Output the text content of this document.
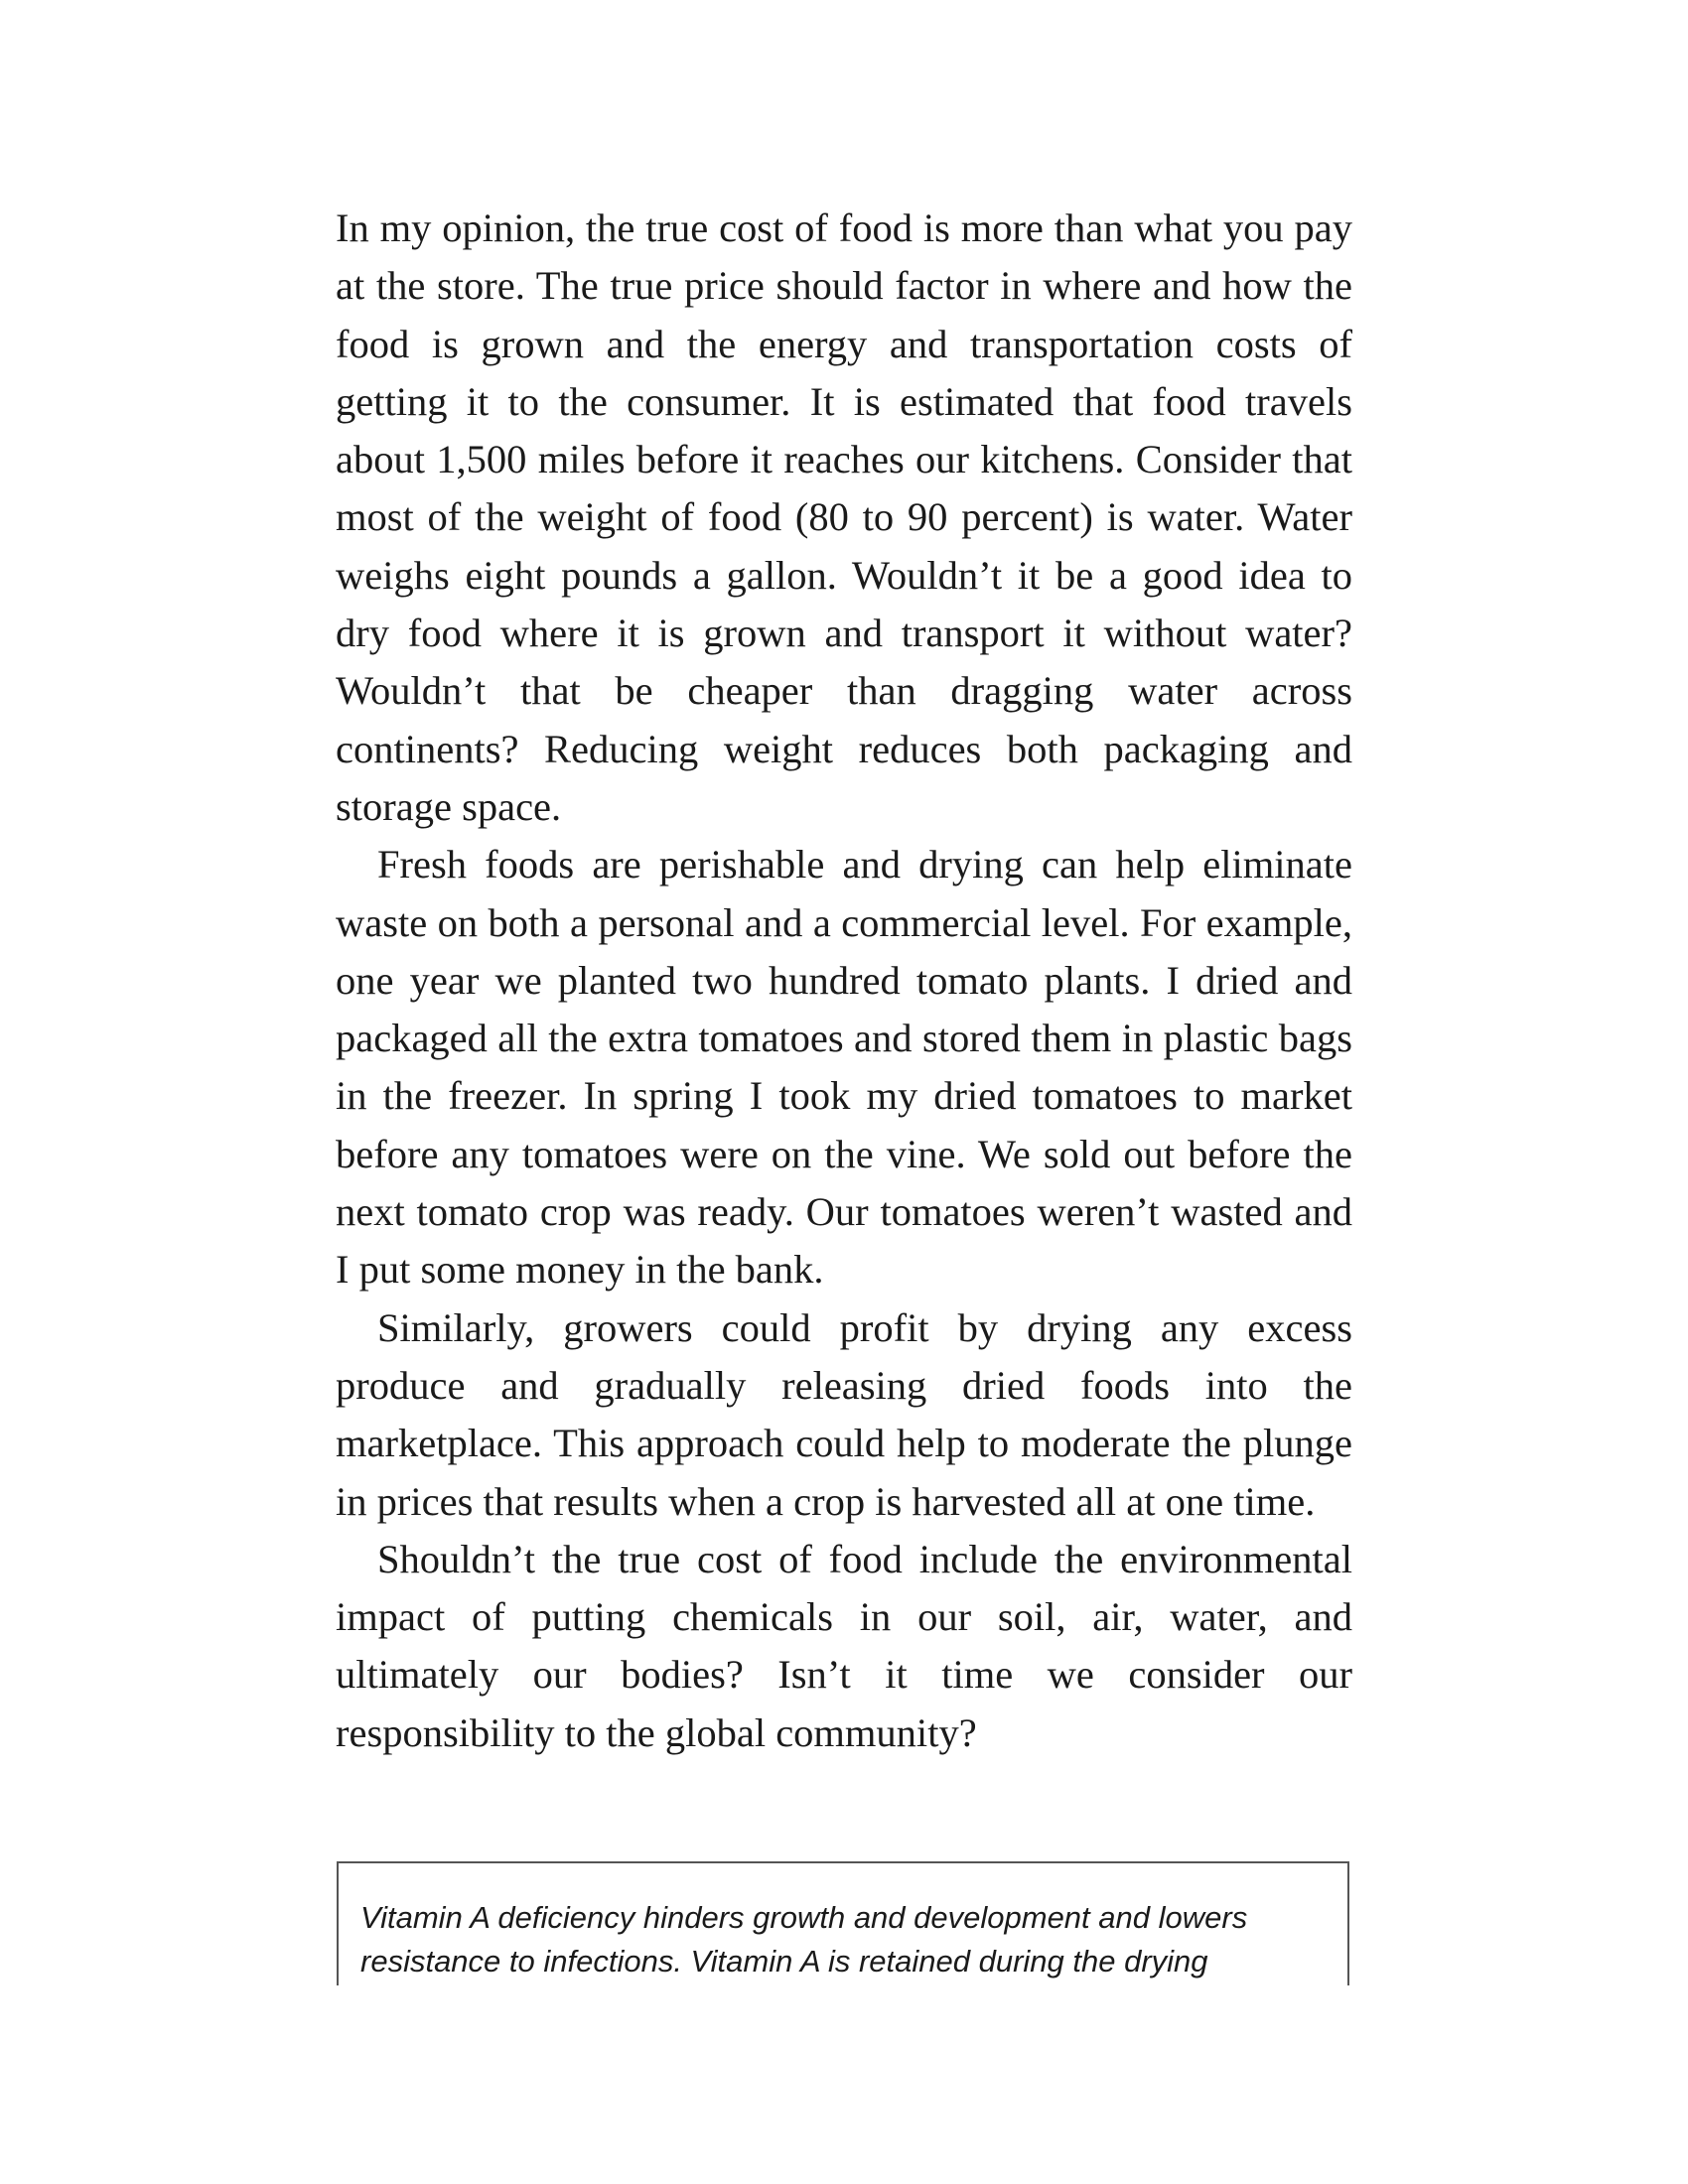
In my opinion, the true cost of food is more than what you pay at the store. The true price should factor in where and how the food is grown and the energy and transportation costs of getting it to the consumer. It is estimated that food travels about 1,500 miles before it reaches our kitchens. Consider that most of the weight of food (80 to 90 percent) is water. Water weighs eight pounds a gallon. Wouldn’t it be a good idea to dry food where it is grown and transport it without water? Wouldn’t that be cheaper than dragging water across continents? Reducing weight reduces both packaging and storage space.

Fresh foods are perishable and drying can help eliminate waste on both a personal and a commercial level. For example, one year we planted two hundred tomato plants. I dried and packaged all the extra tomatoes and stored them in plastic bags in the freezer. In spring I took my dried tomatoes to market before any tomatoes were on the vine. We sold out before the next tomato crop was ready. Our tomatoes weren’t wasted and I put some money in the bank.

Similarly, growers could profit by drying any excess produce and gradually releasing dried foods into the marketplace. This approach could help to moderate the plunge in prices that results when a crop is harvested all at one time.

Shouldn’t the true cost of food include the environmental impact of putting chemicals in our soil, air, water, and ultimately our bodies? Isn’t it time we consider our responsibility to the global community?

Vitamin A deficiency hinders growth and development and lowers resistance to infections. Vitamin A is retained during the drying
